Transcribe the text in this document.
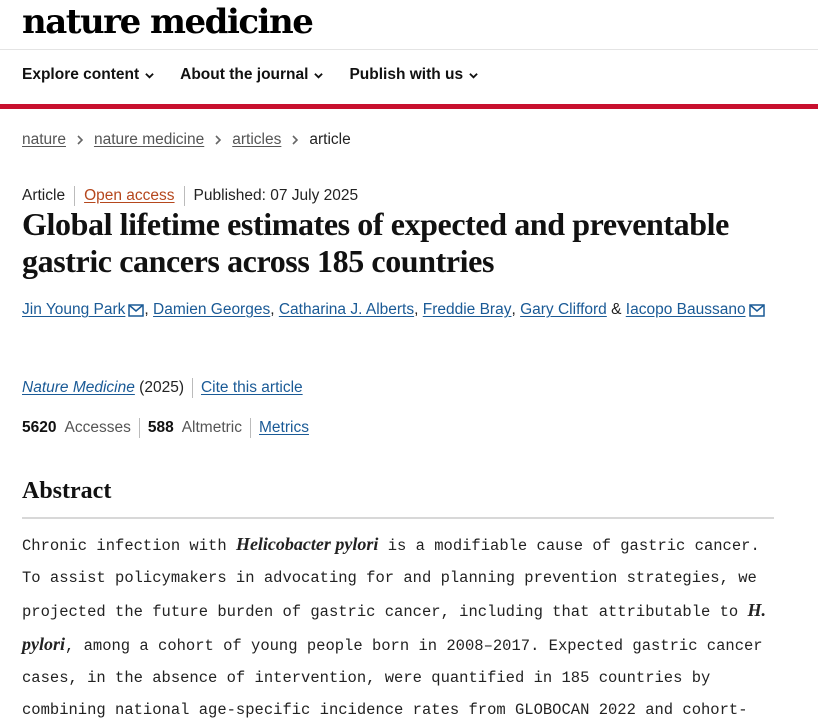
nature medicine
Explore content	About the journal	Publish with us
nature nature medicine articles article
Article Open access Published: 07 July 2025
Global lifetime estimates of expected and preventable gastric cancers across 185 countries
Jin Young Park ,
Damien Georges ,
Catharina J. Alberts ,
Freddie Bray ,
Gary Clifford
&
Iacopo Baussano
Nature Medicine
(2025) Cite this article
5620 Accesses 588 Altmetric Metrics
Abstract

Chronic infection with Helicobacter pylori is a modifiable cause of gastric cancer. To assist policymakers in advocating for and planning prevention strategies, we projected the future burden of gastric cancer, including that attributable to H. pylori, among a cohort of young people born in 2008–2017. Expected gastric cancer cases, in the absence of intervention, were quantified in 185 countries by combining national age-specific incidence rates from GLOBOCAN 2022 and cohort-
